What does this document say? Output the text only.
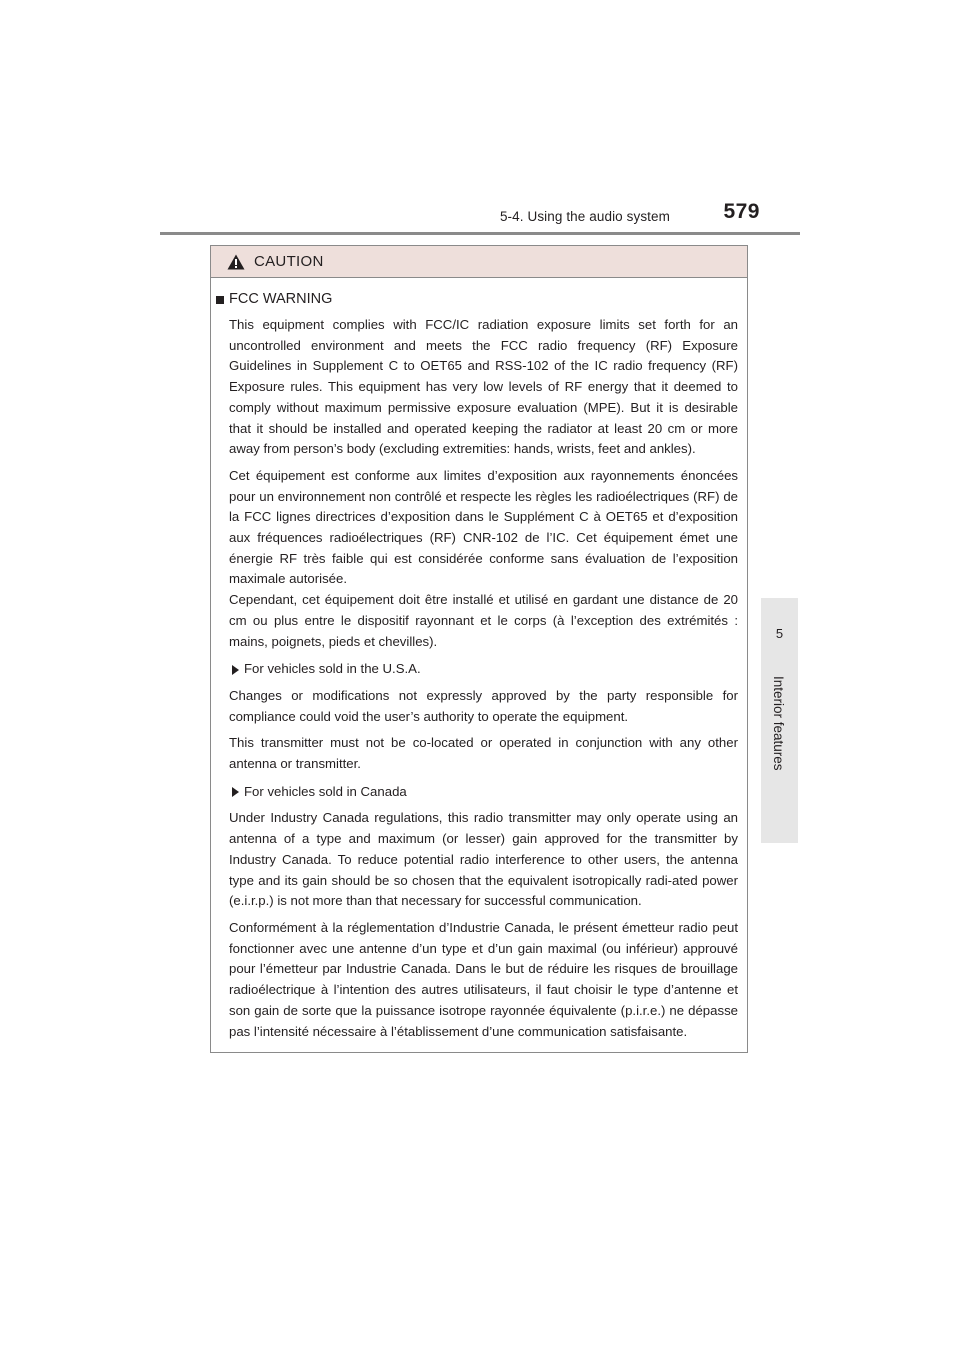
5-4. Using the audio system	579
5
Interior features
CAUTION
FCC WARNING

This equipment complies with FCC/IC radiation exposure limits set forth for an uncontrolled environment and meets the FCC radio frequency (RF) Exposure Guidelines in Supplement C to OET65 and RSS-102 of the IC radio frequency (RF) Exposure rules. This equipment has very low levels of RF energy that it deemed to comply without maximum permissive exposure evaluation (MPE). But it is desirable that it should be installed and operated keeping the radiator at least 20 cm or more away from person’s body (excluding extremities: hands, wrists, feet and ankles).

Cet équipement est conforme aux limites d’exposition aux rayonnements énoncées pour un environnement non contrôlé et respecte les règles les radioélectriques (RF) de la FCC lignes directrices d’exposition dans le Supplément C à OET65 et d’exposition aux fréquences radioélectriques (RF) CNR-102 de l’IC. Cet équipement émet une énergie RF très faible qui est considérée conforme sans évaluation de l’exposition maximale autorisée.

Cependant, cet équipement doit être installé et utilisé en gardant une distance de 20 cm ou plus entre le dispositif rayonnant et le corps (à l’exception des extrémités : mains, poignets, pieds et chevilles).

For vehicles sold in the U.S.A.

Changes or modifications not expressly approved by the party responsible for compliance could void the user’s authority to operate the equipment.

This transmitter must not be co-located or operated in conjunction with any other antenna or transmitter.

For vehicles sold in Canada

Under Industry Canada regulations, this radio transmitter may only operate using an antenna of a type and maximum (or lesser) gain approved for the transmitter by Industry Canada. To reduce potential radio interference to other users, the antenna type and its gain should be so chosen that the equivalent isotropically radi-ated power (e.i.r.p.) is not more than that necessary for successful communication.

Conformément à la réglementation d’Industrie Canada, le présent émetteur radio peut fonctionner avec une antenne d’un type et d’un gain maximal (ou inférieur) approuvé pour l’émetteur par Industrie Canada. Dans le but de réduire les risques de brouillage radioélectrique à l’intention des autres utilisateurs, il faut choisir le type d’antenne et son gain de sorte que la puissance isotrope rayonnée équivalente (p.i.r.e.) ne dépasse pas l’intensité nécessaire à l’établissement d’une communication satisfaisante.
